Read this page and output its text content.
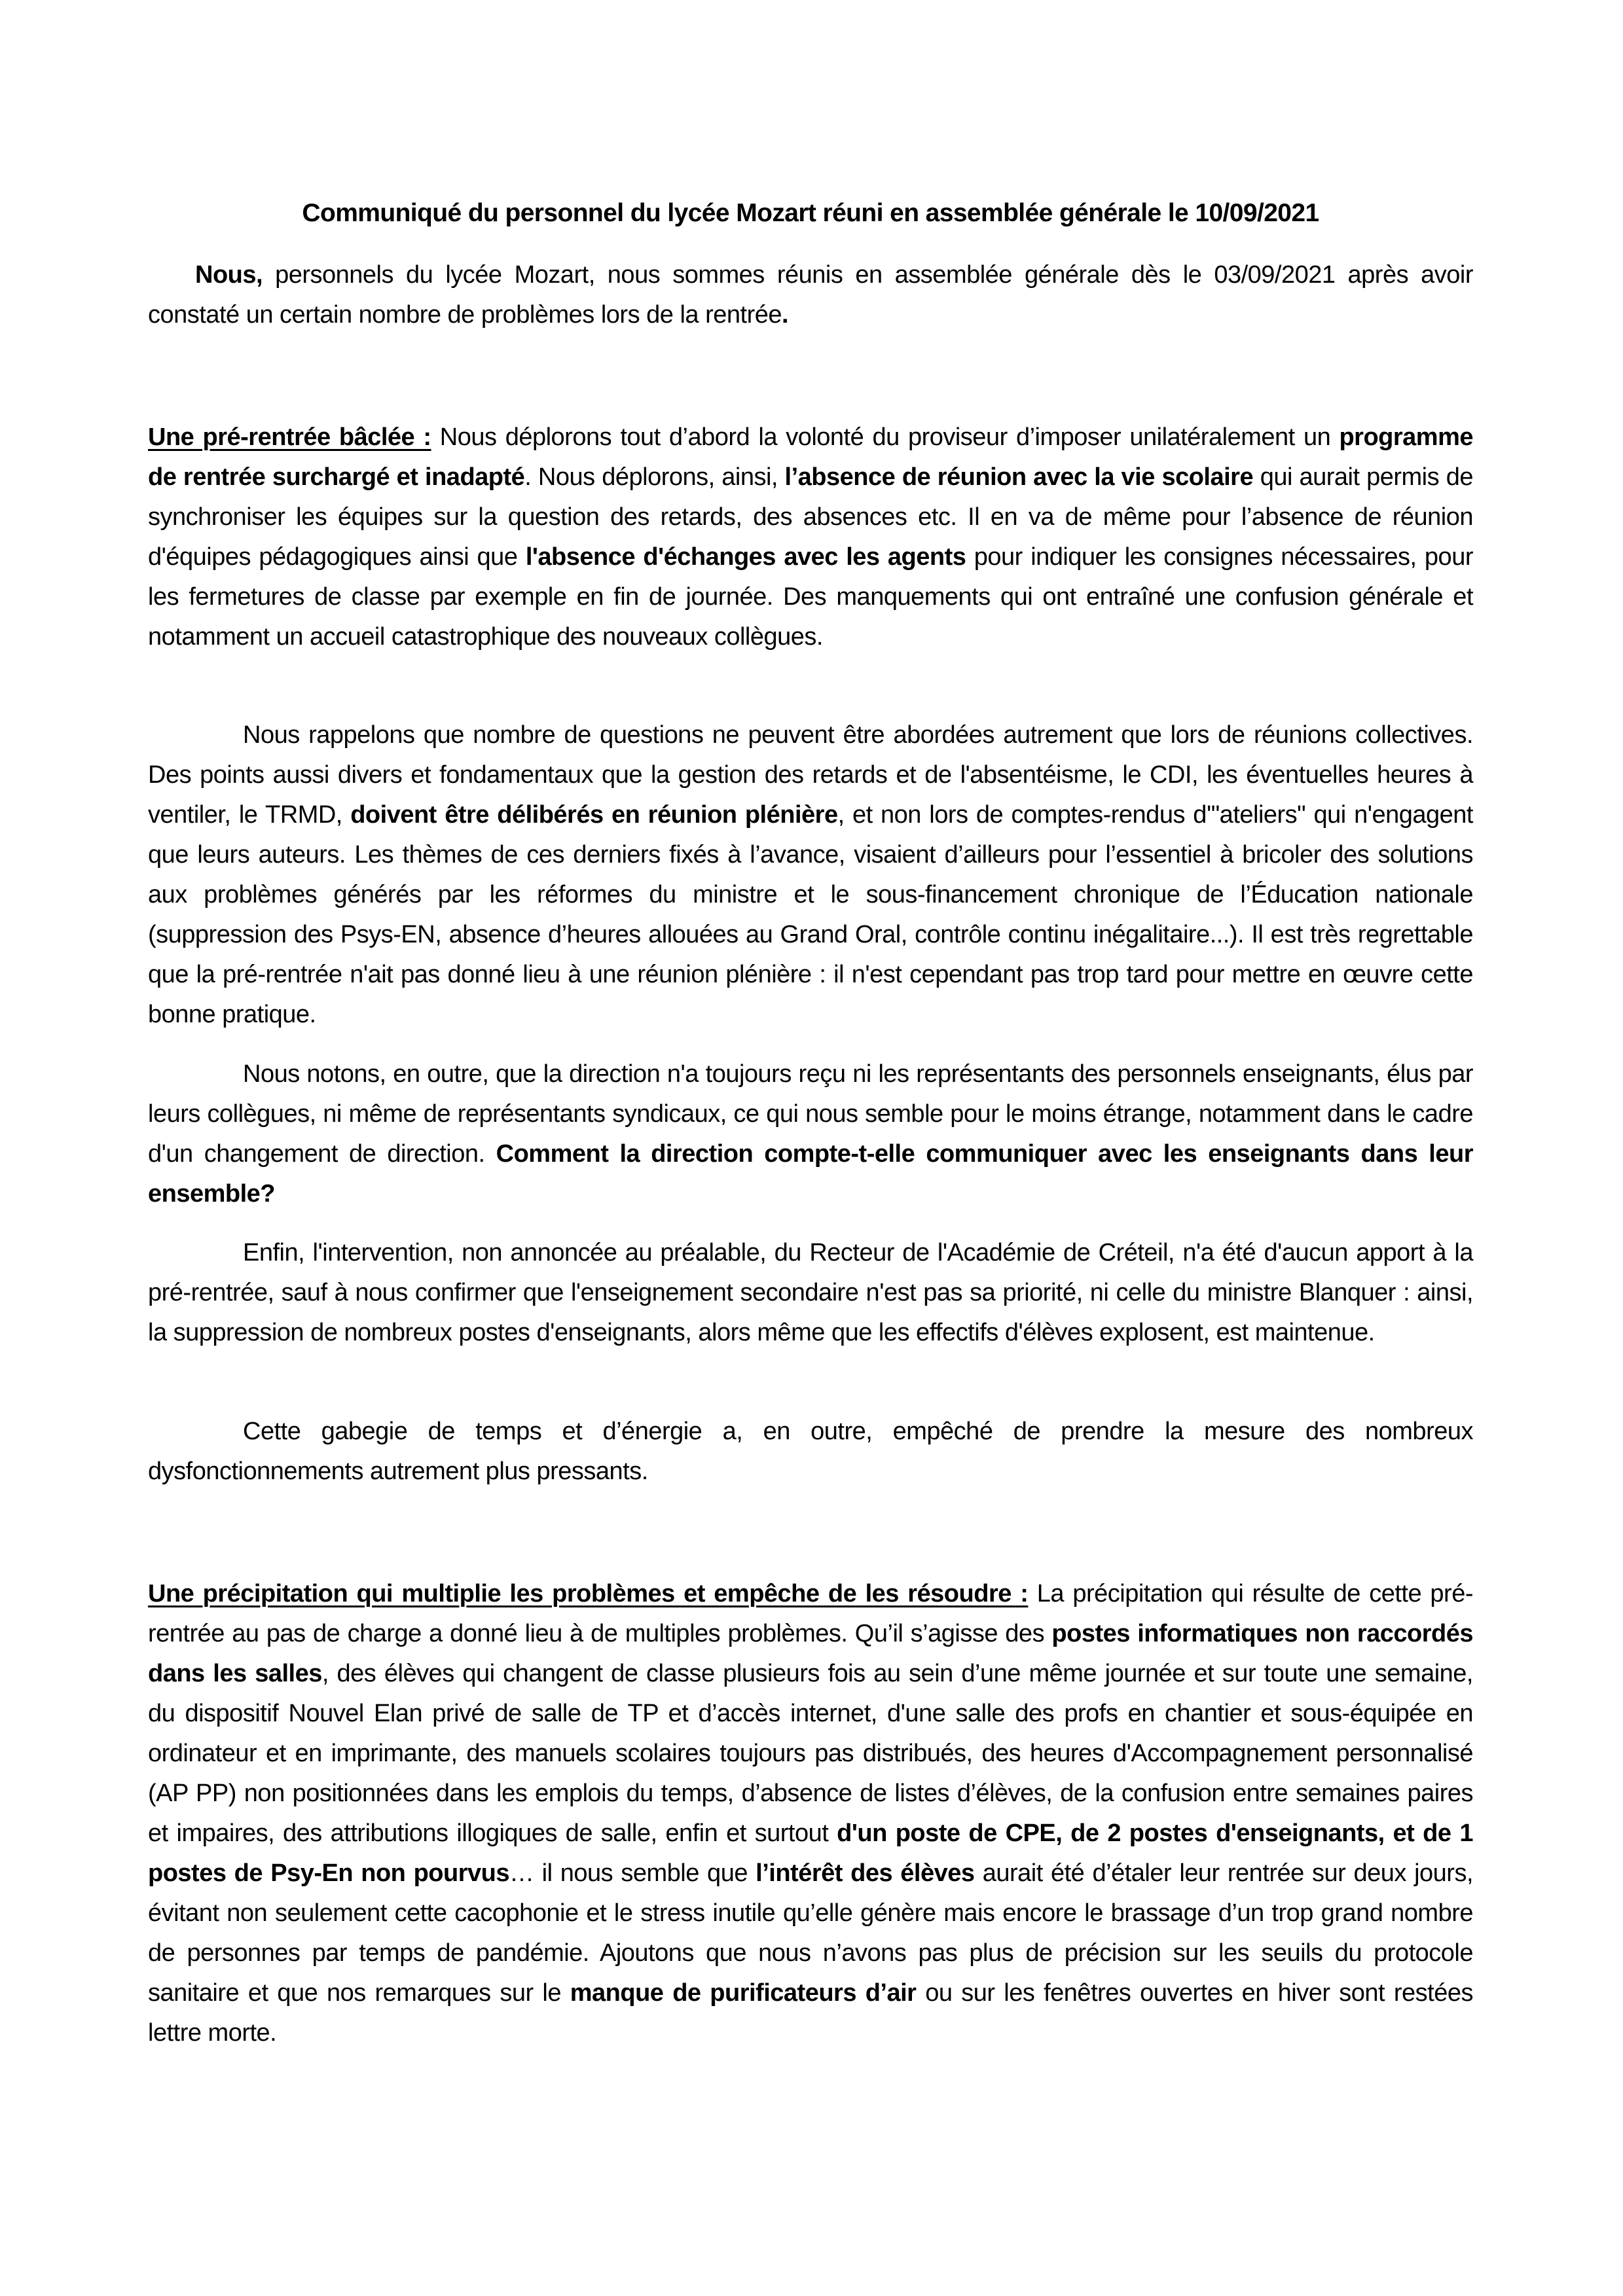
Communiqué du personnel du lycée Mozart réuni en assemblée générale le 10/09/2021

Nous, personnels du lycée Mozart, nous sommes réunis en assemblée générale dès le 03/09/2021 après avoir constaté un certain nombre de problèmes lors de la rentrée.

Une pré-rentrée bâclée : Nous déplorons tout d’abord la volonté du proviseur d’imposer unilatéralement un programme de rentrée surchargé et inadapté. Nous déplorons, ainsi, l’absence de réunion avec la vie scolaire qui aurait permis de synchroniser les équipes sur la question des retards, des absences etc. Il en va de même pour l’absence de réunion d'équipes pédagogiques ainsi que l'absence d'échanges avec les agents pour indiquer les consignes nécessaires, pour les fermetures de classe par exemple en fin de journée. Des manquements qui ont entraîné une confusion générale et notamment un accueil catastrophique des nouveaux collègues.

Nous rappelons que nombre de questions ne peuvent être abordées autrement que lors de réunions collectives. Des points aussi divers et fondamentaux que la gestion des retards et de l'absentéisme, le CDI, les éventuelles heures à ventiler, le TRMD, doivent être délibérés en réunion plénière, et non lors de comptes-rendus d'"ateliers" qui n'engagent que leurs auteurs. Les thèmes de ces derniers fixés à l’avance, visaient d’ailleurs pour l’essentiel à bricoler des solutions aux problèmes générés par les réformes du ministre et le sous-financement chronique de l’Éducation nationale (suppression des Psys-EN, absence d’heures allouées au Grand Oral, contrôle continu inégalitaire...). Il est très regrettable que la pré-rentrée n'ait pas donné lieu à une réunion plénière : il n'est cependant pas trop tard pour mettre en œuvre cette bonne pratique.

Nous notons, en outre, que la direction n'a toujours reçu ni les représentants des personnels enseignants, élus par leurs collègues, ni même de représentants syndicaux, ce qui nous semble pour le moins étrange, notamment dans le cadre d'un changement de direction. Comment la direction compte-t-elle communiquer avec les enseignants dans leur ensemble?

Enfin, l'intervention, non annoncée au préalable, du Recteur de l'Académie de Créteil, n'a été d'aucun apport à la pré-rentrée, sauf à nous confirmer que l'enseignement secondaire n'est pas sa priorité, ni celle du ministre Blanquer : ainsi, la suppression de nombreux postes d'enseignants, alors même que les effectifs d'élèves explosent, est maintenue.

Cette gabegie de temps et d’énergie a, en outre, empêché de prendre la mesure des nombreux dysfonctionnements autrement plus pressants.

Une précipitation qui multiplie les problèmes et empêche de les résoudre : La précipitation qui résulte de cette pré-rentrée au pas de charge a donné lieu à de multiples problèmes. Qu’il s’agisse des postes informatiques non raccordés dans les salles, des élèves qui changent de classe plusieurs fois au sein d’une même journée et sur toute une semaine, du dispositif Nouvel Elan privé de salle de TP et d’accès internet, d'une salle des profs en chantier et sous-équipée en ordinateur et en imprimante, des manuels scolaires toujours pas distribués, des heures d'Accompagnement personnalisé (AP PP) non positionnées dans les emplois du temps, d’absence de listes d’élèves, de la confusion entre semaines paires et impaires, des attributions illogiques de salle, enfin et surtout d'un poste de CPE, de 2 postes d'enseignants, et de 1 postes de Psy-En non pourvus… il nous semble que l’intérêt des élèves aurait été d’étaler leur rentrée sur deux jours, évitant non seulement cette cacophonie et le stress inutile qu’elle génère mais encore le brassage d’un trop grand nombre de personnes par temps de pandémie. Ajoutons que nous n’avons pas plus de précision sur les seuils du protocole sanitaire et que nos remarques sur le manque de purificateurs d’air ou sur les fenêtres ouvertes en hiver sont restées lettre morte.
